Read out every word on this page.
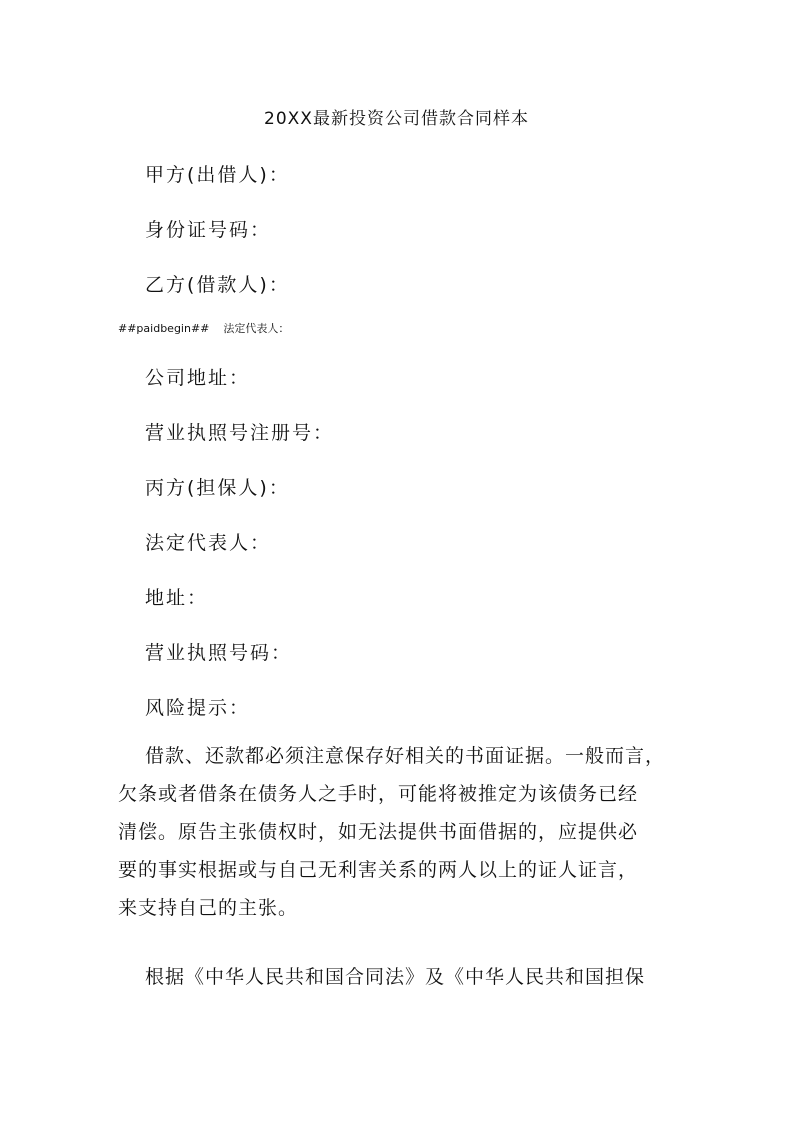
20XX最新投资公司借款合同样本
甲方(出借人)：
身份证号码：
乙方(借款人)：
##paidbegin## 法定代表人：
公司地址：
营业执照号注册号：
丙方(担保人)：
法定代表人：
地址：
营业执照号码：
风险提示：
借款、还款都必须注意保存好相关的书面证据。一般而言，
欠条或者借条在债务人之手时，可能将被推定为该债务已经
清偿。原告主张债权时，如无法提供书面借据的，应提供必
要的事实根据或与自己无利害关系的两人以上的证人证言，
来支持自己的主张。
根据《中华人民共和国合同法》及《中华人民共和国担保
